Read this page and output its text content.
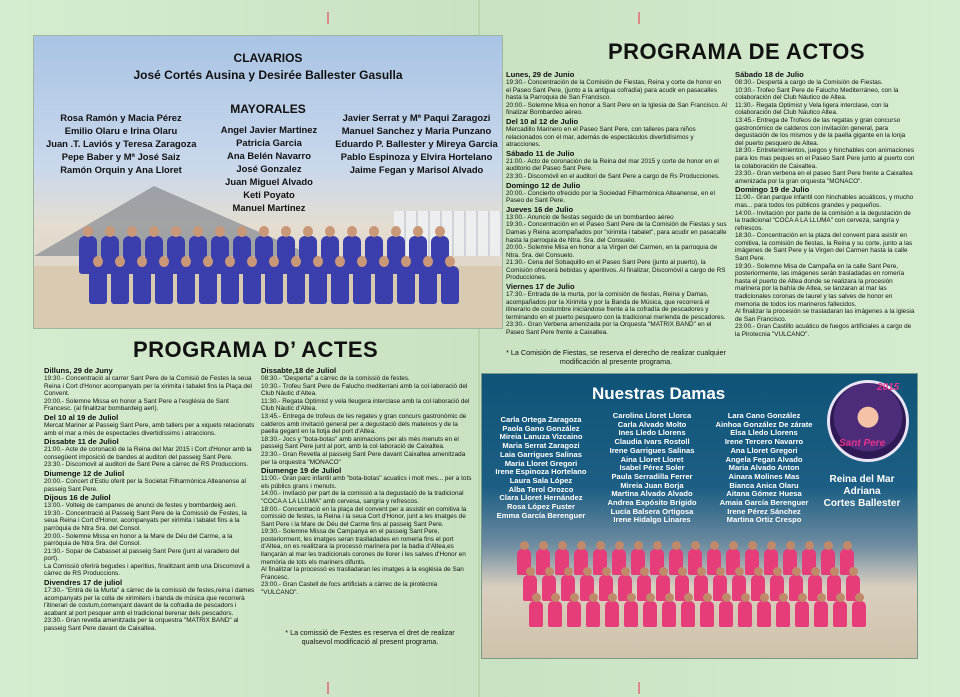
CLAVARIOS
José Cortés Ausina y Desirée Ballester Gasulla
MAYORALES
Rosa Ramón y Macia Pérez
Emilio Olaru e Irina Olaru
Juan .T. Laviós y Teresa Zaragoza
Pepe Baber y Mª José Saiz
Ramón Orquin y Ana Lloret
Angel Javier Martinez
Patricia Garcia
Ana Belén Navarro
José Gonzalez
Juan Miguel Alvado
Keti Poyato
Manuel Martinez
Javier Serrat y Mª Paqui Zaragozi
Manuel Sanchez y Maria Punzano
Eduardo P. Ballester y Mireya Garcia
Pablo Espinoza y Elvira Hortelano
Jaime Fegan y Marisol Alvado
PROGRAMA DE ACTOS
PROGRAMA D’ ACTES

Lunes, 29 de Junio

19:30.- Concentración de la Comisión de Fiestas, Reina y corte de honor en el Paseo Sant Pere, (junto a la antigua cofradía) para acudir en pasacalles hasta la Parroquia de San Francisco.

20:00.- Solemne Misa en honor a Sant Pere en la Iglesia de San Francisco. Al finalizar Bombardeo aéreo.

Del 10 al 12 de Julio

Mercadillo Marinero en el Paseo Sant Pere, con talleres para niños relacionados con el mar, además de espectáculos divertidísimos y atracciones.

Sábado 11 de Julio

21:00.- Acto de coronación de la Reina del mar 2015 y corte de honor en el auditorio del Paseo Sant Pere.

23:30.- Discomóvil en el auditori de Sant Pere a cargo de Rs Producciones.

Domingo 12 de Julio

20:00.- Concierto ofrecido por la Sociedad Filharmónica Alteanense, en el Paseo de Sant Pere.

Jueves 16 de Julio

13:00.- Anuncio de fiestas seguido de un bombardeo aéreo

19:30.- Concentración en el Paseo Sant Pere de la Comisión de Fiestas y sus Damas y Reina acompañados por "xirimita i tabalet", para acudir en pasacalle hasta la parroquia de Ntra. Sra. del Consuelo.

20:00.- Solemne Misa en honor a la Virgen del Carmen, en la parroquia de Ntra. Sra. del Consuelo.

21:30.- Cena del Sobaquillo en el Paseo Sant Pere (junto al puerto), la Comisión ofrecerá bebidas y aperitivos. Al finalizar, Discomóvil a cargo de RS Producciones.

Viernes 17 de Julio

17:30.- Entrada de la murta, por la comisión de fiestas, Reina y Damas, acompañados por la Xirimita y por la Banda de Música, que recorrerá el itinerario de costumbre iniciándose frente a la cofradía de pescadores y terminando en el puerto pesquero con la tradicional merienda de pescadores.

23:30.- Gran Verbena amenizada por la Orquesta "MATRIX BAND" en el Paseo Sant Pere frente a Caixaltea.

Sábado 18 de Julio

08:30.- Despertá a cargo de la Comisión de Fiestas.

10:30.- Trofeo Sant Pere de Falucho Mediterráneo, con la colaboración del Club Náutico de Altea.

11:30.- Regata Optimist y Vela ligera interclase, con la colaboración del Club Náutico Altea.

13:45.- Entrega de Trofeos de las regatas y gran concurso gastronómico de calderos con invitación general, para degustación de los mismos y de la paella gigante en la lonja del puerto pesquero de Altea.

18:30.- Entretenimientos, juegos y hinchables con animaciones para los mas peques en el Paseo Sant Pere junto al puerto con la colaboración de Caixaltea.

23:30.- Gran verbena en el paseo Sant Pere frente a Caixaltea amenizada por la gran orquesta "MONACO".

Domingo 19 de Julio

11:00.- Gran parque infantil con hinchables acuáticos, y mucho mas... para todos los públicos grandes y pequeños.

14:00.- Invitación por parte de la comisión a la degustación de la tradicional "COCA A LA LLUMA" con cerveza, sangría y refrescos.

18:30.- Concentración en la plaza del convent para asistir en comitiva, la comisión de fiestas, la Reina y su corte, junto a las imágenes de Sant Pere y la Virgen del Carmen hasta la calle Sant Pere.

19:30.- Solemne Misa de Campaña en la calle Sant Pere, posteriormente, las imágenes serán trasladadas en romería hasta el puerto de Altea donde se realizara la procesión marinera por la bahía de Altea, se lanzaran al mar las tradicionales coronas de laurel y las salves de honor en memoria de todos los marineros fallecidos.

Al finalizar la procesión se trasladaran las imágenes a la iglesia de San Francisco.

23:00.- Gran Castillo acuático de fuegos artificiales a cargo de la Pirotecnia "VULCANO".

* La Comisión de Fiestas, se reserva el derecho de realizar cualquier modificación al presente programa.

Dilluns, 29 de Juny

19:30.- Concentració al carrer Sant Pere de la Comisió de Festes la seua Reina i Cort d'Honor acompanyats per la xirimita i tabalet fins la Plaça del Convent.

20:00.- Solemne Missa en honor a Sant Pere a l'església de Sant Francesc. (al finalitzar bombardeig aeri).

Del 10 al 19 de Juliol

Mercat Mariner al Passeig Sant Pere, amb tallers per a xiquets relacionats amb el mar a més de espectacles divertidíssims i atraccions.

Dissabte 11 de Juliol

21:00.- Acte de coronació de la Reina del Mar 2015 i Cort d'Honor amb la consegüent imposició de bandes al auditori del passeig Sant Pere.

23:30.- Discomovil al auditori de Sant Pere a càrrec de RS Produccions.

Diumenge 12 de Juliol

20:00.- Concert d'Estiu oferit per la Societat Filharmònica Alteanense al passeig Sant Pere.

Dijous 16 de Juliol

13:00.- Volteig de campanes de anunci de festes y bombardeig aeri.

19:30.- Concentració al Passeig Sant Pere de la Comissió de Festes, la seua Reina i Cort d'Honor, acompanyats per xirimita i tabalet fins a la parròquia de Ntra Sra. del Consol.

20:00.- Solemne Missa en honor a la Mare de Déu del Carme, a la parròquia de Ntra Sra. del Consol.

21:30.- Sopar de Cabasset al passeig Sant Pere (junt al varadero del port).

La Comissió oferirà begudes i aperitius, finalitzant amb una Discomovil a càrrec de RS Produccions.

Divendres 17 de juliol

17:30.- "Entrà de la Murta" a càrrec de la comissió de festes,reina i dames acompanyats per la colla de xirimiters i banda de música que recorrerà l'itinerari de costum,començant davant de la cofradia de pescadors i acabant al port pesquer amb el tradicional berenar dels pescadors.

23:30.- Gran revetla amenitzada per la orquestra "MATRIX BAND" al passeig Sant Pere davant de Caixaltea.

Dissabte,18 de Juliol

08:30.- "Desperta" a càrrec de la comissió de festes.

10:30.- Trofeu Sant Pere de Falucho mediterrani amb la col·laboració del Club Nàutic d'Altea.

11:30.- Regata Optimist y vela lleugera interclase amb la col·laboració del Club Nàutic d'Altea.

13:45.- Entrega de trofeus de les regates y gran concurs gastronòmic de calderos amb invitació general per a degustació dels mateixos y de la paella gegant en la llotja del port d'Altea.

18:30.- Jocs y "bota-botas" amb animacions per als més menuts en el passeig Sant Pere junt al port, amb la col·laboració de Caixaltea.

23:30.- Gran Revetla al passeig Sant Pere davant Caixaltea amenitzada per la orquestra "MONACO"

Diumenge 19 de Juliol

11:00.- Gran parc infantil amb "bota-botas" acuatics i molt mes... per a tots els públics grans i menuts.

14:00.- Invitació per part de la comissió a la degustació de la tradicional "COCA A LA LLUMA" amb cervesa, sangria y refrescos.

18:00.- Concentració en la plaça del convent per a assistir en comitiva la comissió de festes, la Reina i la seua Cort d'Honor, junt a les imatges de Sant Pere i la Mare de Déu del Carme fins al passeig Sant Pere.

19:30.- Solemne Missa de Campanya en el passeig Sant Pere, posteriorment, les imatges seran traslladades en romeria fins el port d'Altea, on es realitzara la processó marinera per la badia d'Altea,es llançaràn al mar les tradicionals corones de llorer i les salves d'Honor en memòria de tots els mariners difunts.

Al finalitzar la processó es traslladaran les imatges a la església de San Francesc.

23:00.- Gran Castell de focs artificials a càrrec de la pirotècnia "VULCANO".

* La comissió de Festes es reserva el dret de realizar qualsevol modificació al present programa.
Nuestras Damas
Carla Ortega Zaragoza
Paola Gano González
Mireia Lanuza Vizcaino
Maria Serrat Zaragozi
Laia Garrigues Salinas
Maria Lloret Gregori
Irene Espinoza Hortelano
Laura Sala López
Alba Terol Orozco
Clara Lloret Hernández
Rosa López Fuster
Emma García Berenguer
Carolina Lloret Llorca
Carla Alvado Molto
Ines Lledo Llorens
Claudia Ivars Rostoll
Irene Garrigues Salinas
Aina Lloret Lloret
Isabel Pérez Soler
Paula Serradilla Ferrer
Mireia Juan Borja
Martina Alvado Alvado
Andrea Expósito Brígido
Lucía Balsera Ortigosa
Irene Hidalgo Linares
Lara Cano González
Ainhoa González De zárate
Elsa Lledo Llorens
Irene Tercero Navarro
Ana Lloret Gregori
Angela Fegan Alvado
Maria Alvado Anton
Ainara Molines Mas
Bianca Anica Olaru
Aitana Gómez Huesa
Amaia García Berenguer
Irene Pérez Sánchez
Martina Ortiz Crespo
2015
Sant Pere
Reina del Mar
Adriana
Cortes Ballester
